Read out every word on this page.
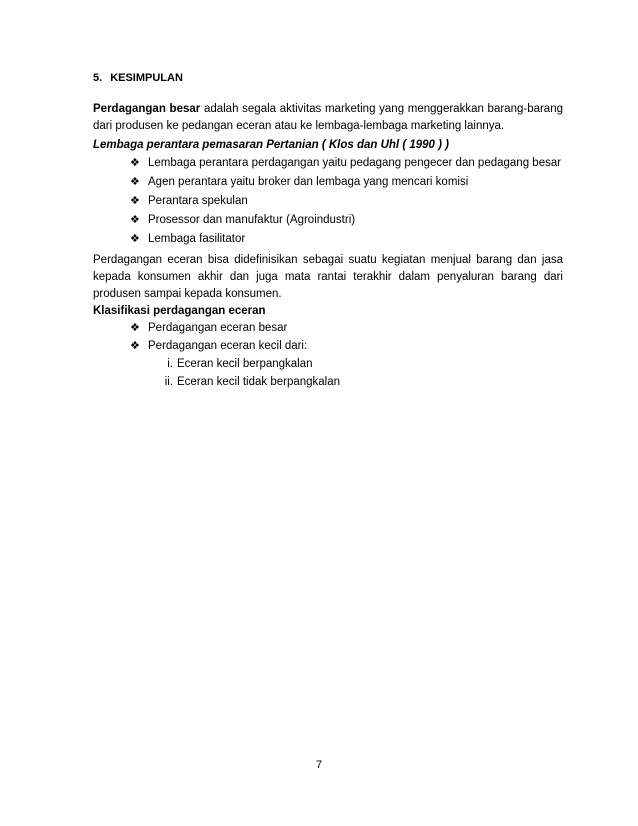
5. KESIMPULAN
Perdagangan besar adalah segala aktivitas marketing yang menggerakkan barang-barang dari produsen ke pedangan eceran atau ke lembaga-lembaga marketing lainnya.
Lembaga perantara pemasaran Pertanian ( Klos dan Uhl ( 1990 ) )
❖ Lembaga perantara perdagangan yaitu pedagang pengecer dan pedagang besar
❖ Agen perantara yaitu broker dan lembaga yang mencari komisi
❖ Perantara spekulan
❖ Prosessor dan manufaktur (Agroindustri)
❖ Lembaga fasilitator
Perdagangan eceran bisa didefinisikan sebagai suatu kegiatan menjual barang dan jasa kepada konsumen akhir dan juga mata rantai terakhir dalam penyaluran barang dari produsen sampai kepada konsumen.
Klasifikasi perdagangan eceran
❖ Perdagangan eceran besar
❖ Perdagangan eceran kecil dari:
i. Eceran kecil berpangkalan
ii. Eceran kecil tidak berpangkalan
7
